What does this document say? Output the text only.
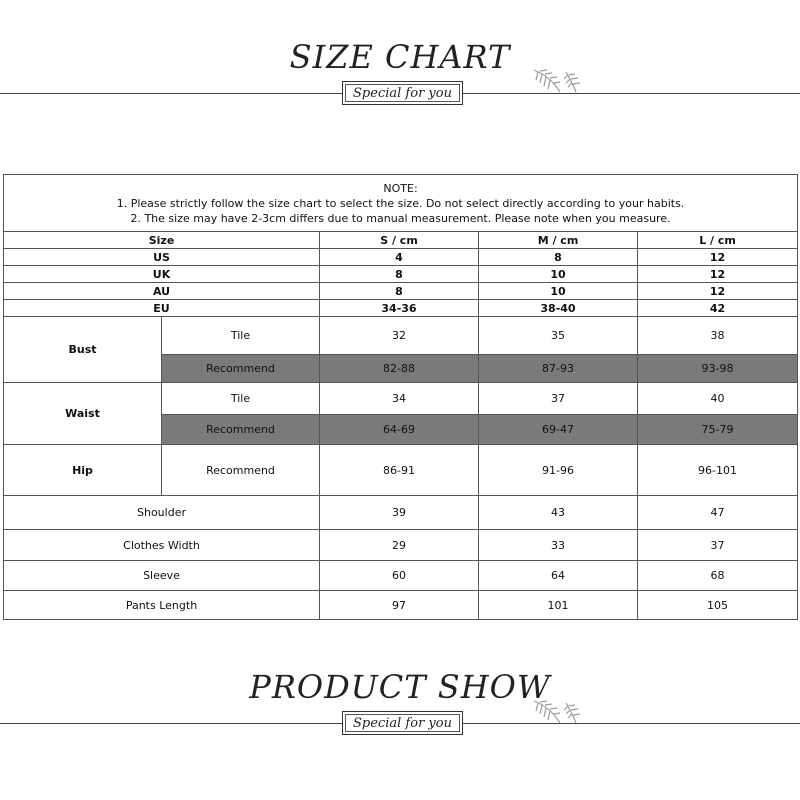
SIZE CHART
Special for you
NOTE:
1. Please strictly follow the size chart to select the size. Do not select directly according to your habits.
2. The size may have 2-3cm differs due to manual measurement. Please note when you measure.				

Size		S / cm	M / cm	L / cm
US		4	8	12
UK		8	10	12
AU		8	10	12
EU		34-36	38-40	42
Bust	Tile	32	35	38
	Recommend	82-88	87-93	93-98
Waist	Tile	34	37	40
	Recommend	64-69	69-47	75-79
Hip	Recommend	86-91	91-96	96-101
Shoulder		39	43	47
Clothes Width		29	33	37
Sleeve		60	64	68
Pants Length		97	101	105
PRODUCT SHOW
Special for you
